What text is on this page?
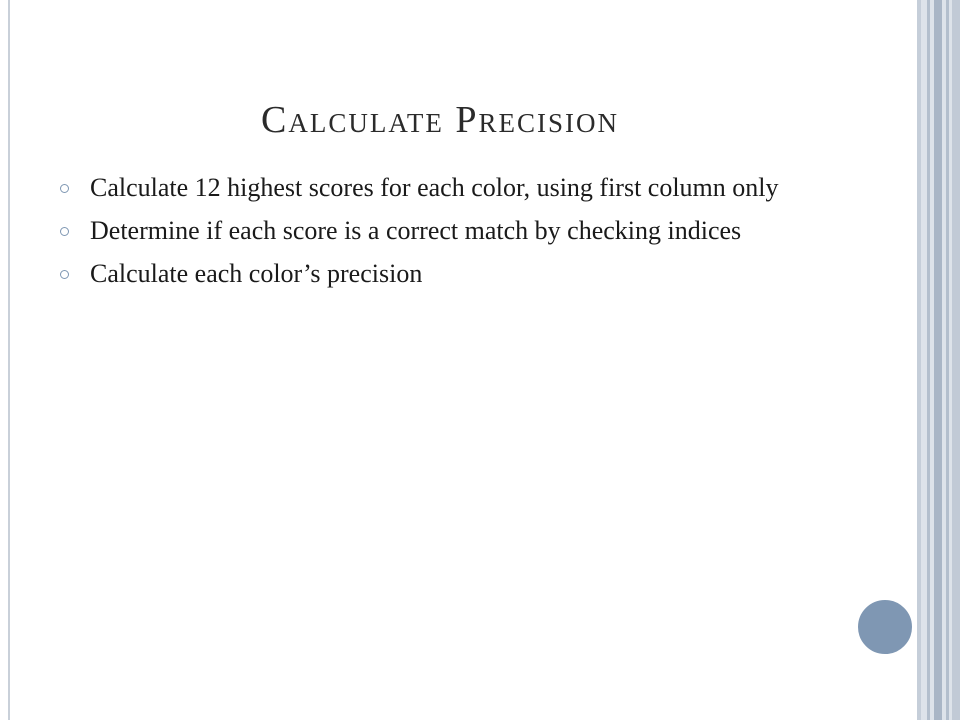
Calculate Precision
Calculate 12 highest scores for each color, using first column only
Determine if each score is a correct match by checking indices
Calculate each color’s precision
